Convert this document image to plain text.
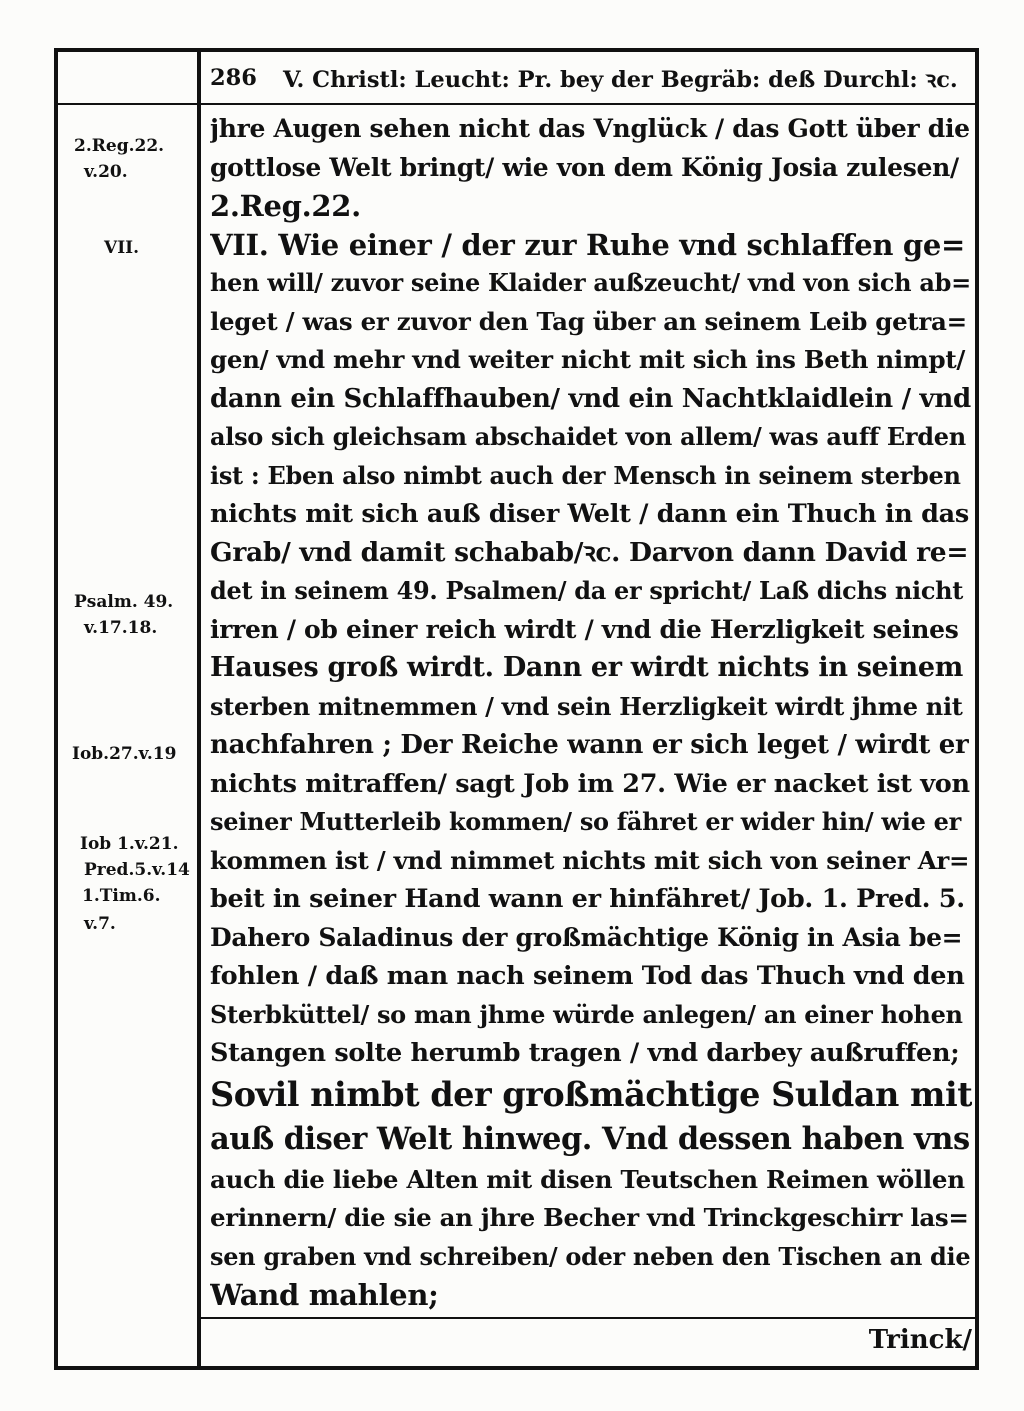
286 V. Christl: Leucht: Pr. bey der Begräb: deß Durchl: ꝛc.
2.Reg.22.
v.20.
VII.
Psalm. 49.
v.17.18.
Iob.27.v.19
Iob 1.v.21.
Pred.5.v.14
1.Tim.6.
v.7.
jhre Augen sehen nicht das Vnglück / das Gott über die
gottlose Welt bringt/ wie von dem König Josia zulesen/
2.Reg.22.
VII. Wie einer / der zur Ruhe vnd schlaffen ge=
hen will/ zuvor seine Klaider außzeucht/ vnd von sich ab=
leget / was er zuvor den Tag über an seinem Leib getra=
gen/ vnd mehr vnd weiter nicht mit sich ins Beth nimpt/
dann ein Schlaffhauben/ vnd ein Nachtklaidlein / vnd
also sich gleichsam abschaidet von allem/ was auff Erden
ist : Eben also nimbt auch der Mensch in seinem sterben
nichts mit sich auß diser Welt / dann ein Thuch in das
Grab/ vnd damit schabab/ꝛc. Darvon dann David re=
det in seinem 49. Psalmen/ da er spricht/ Laß dichs nicht
irren / ob einer reich wirdt / vnd die Herzligkeit seines
Hauses groß wirdt. Dann er wirdt nichts in seinem
sterben mitnemmen / vnd sein Herzligkeit wirdt jhme nit
nachfahren ; Der Reiche wann er sich leget / wirdt er
nichts mitraffen/ sagt Job im 27. Wie er nacket ist von
seiner Mutterleib kommen/ so fähret er wider hin/ wie er
kommen ist / vnd nimmet nichts mit sich von seiner Ar=
beit in seiner Hand wann er hinfähret/ Job. 1. Pred. 5.
Dahero Saladinus der großmächtige König in Asia be=
fohlen / daß man nach seinem Tod das Thuch vnd den
Sterbküttel/ so man jhme würde anlegen/ an einer hohen
Stangen solte herumb tragen / vnd darbey außruffen;
Sovil nimbt der großmächtige Suldan mit
auß diser Welt hinweg. Vnd dessen haben vns
auch die liebe Alten mit disen Teutschen Reimen wöllen
erinnern/ die sie an jhre Becher vnd Trinckgeschirr las=
sen graben vnd schreiben/ oder neben den Tischen an die
Wand mahlen;
Trinck/
